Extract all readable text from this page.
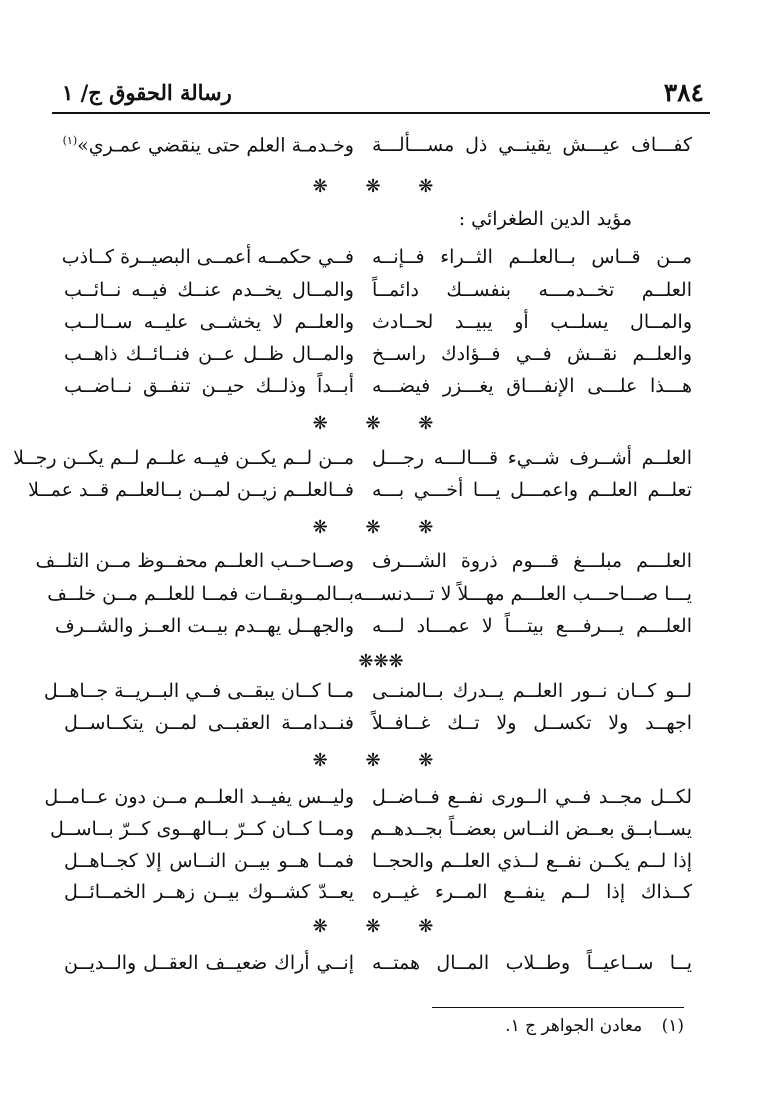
٣٨٤
رسالة الحقوق ج/ ١
كفـــاف عيـــش يقينــي ذل مســـألـــة
وخـدمـة العلم حتى ينقضي عمـري»$^{(١)}$
❋ ❋ ❋
مؤيد الدين الطغرائي :
مــن قــاس بــالعلــم الثــراء فــإنــه
فــي حكمــه أعمــى البصيــرة كــاذب
العلــم تخــدمـــه بنفســك دائمــاً
والمــال يخــدم عنــك فيــه نــائــب
والمــال يسلــب أو يبيــد لحــادث
والعلــم لا يخشــى عليــه ســالــب
والعلــم نقــش فــي فــؤادك راســخ
والمــال ظــل عــن فنــائــك ذاهــب
هـــذا علـــى الإنفـــاق يغـــزر فيضـــه
أبــداً وذلــك حيــن تنفــق نــاضــب
❋ ❋ ❋
العلــم أشــرف شــيء قـــالـــه رجـــل
مــن لــم يكــن فيــه علــم لــم يكــن رجــلا
تعلــم العلــم واعمـــل يـــا أخـــي بـــه
فــالعلــم زيــن لمــن بــالعلــم قــد عمــلا
❋ ❋ ❋
العلـــم مبلـــغ قـــوم ذروة الشـــرف
وصــاحــب العلــم محفــوظ مــن التلــف
يـــا صـــاحـــب العلـــم مهـــلاً لا تـــدنســـه
بــالمــوبقــات فمــا للعلــم مــن خلــف
العلـــم يـــرفـــع بيتـــاً لا عمـــاد لـــه
والجهــل يهــدم بيــت العــز والشــرف
❋❋❋
لــو كــان نــور العلــم يــدرك بــالمنــى
مــا كــان يبقــى فــي البــريــة جــاهــل
اجهــد ولا تكســل ولا تــك غــافــلاً
فنــدامــة العقبــى لمــن يتكــاســل
❋ ❋ ❋
لكــل مجــد فــي الــورى نفــع فــاضــل
وليــس يفيــد العلــم مــن دون عــامــل
يســابــق بعــض النــاس بعضــاً بجــدهــم
ومــا كــان كــرّ بــالهــوى كــرّ بــاســل
إذا لــم يكــن نفــع لــذي العلــم والحجــا
فمــا هــو بيــن النــاس إلا كجــاهــل
كــذاك إذا لــم ينفــع المــرء غيــره
يعــدّ كشــوك بيــن زهــر الخمــائــل
❋ ❋ ❋
يــا ســاعيــاً وطــلاب المــال همتــه
إنــي أراك ضعيــف العقــل والــديــن
(١) معادن الجواهر ج ١.
